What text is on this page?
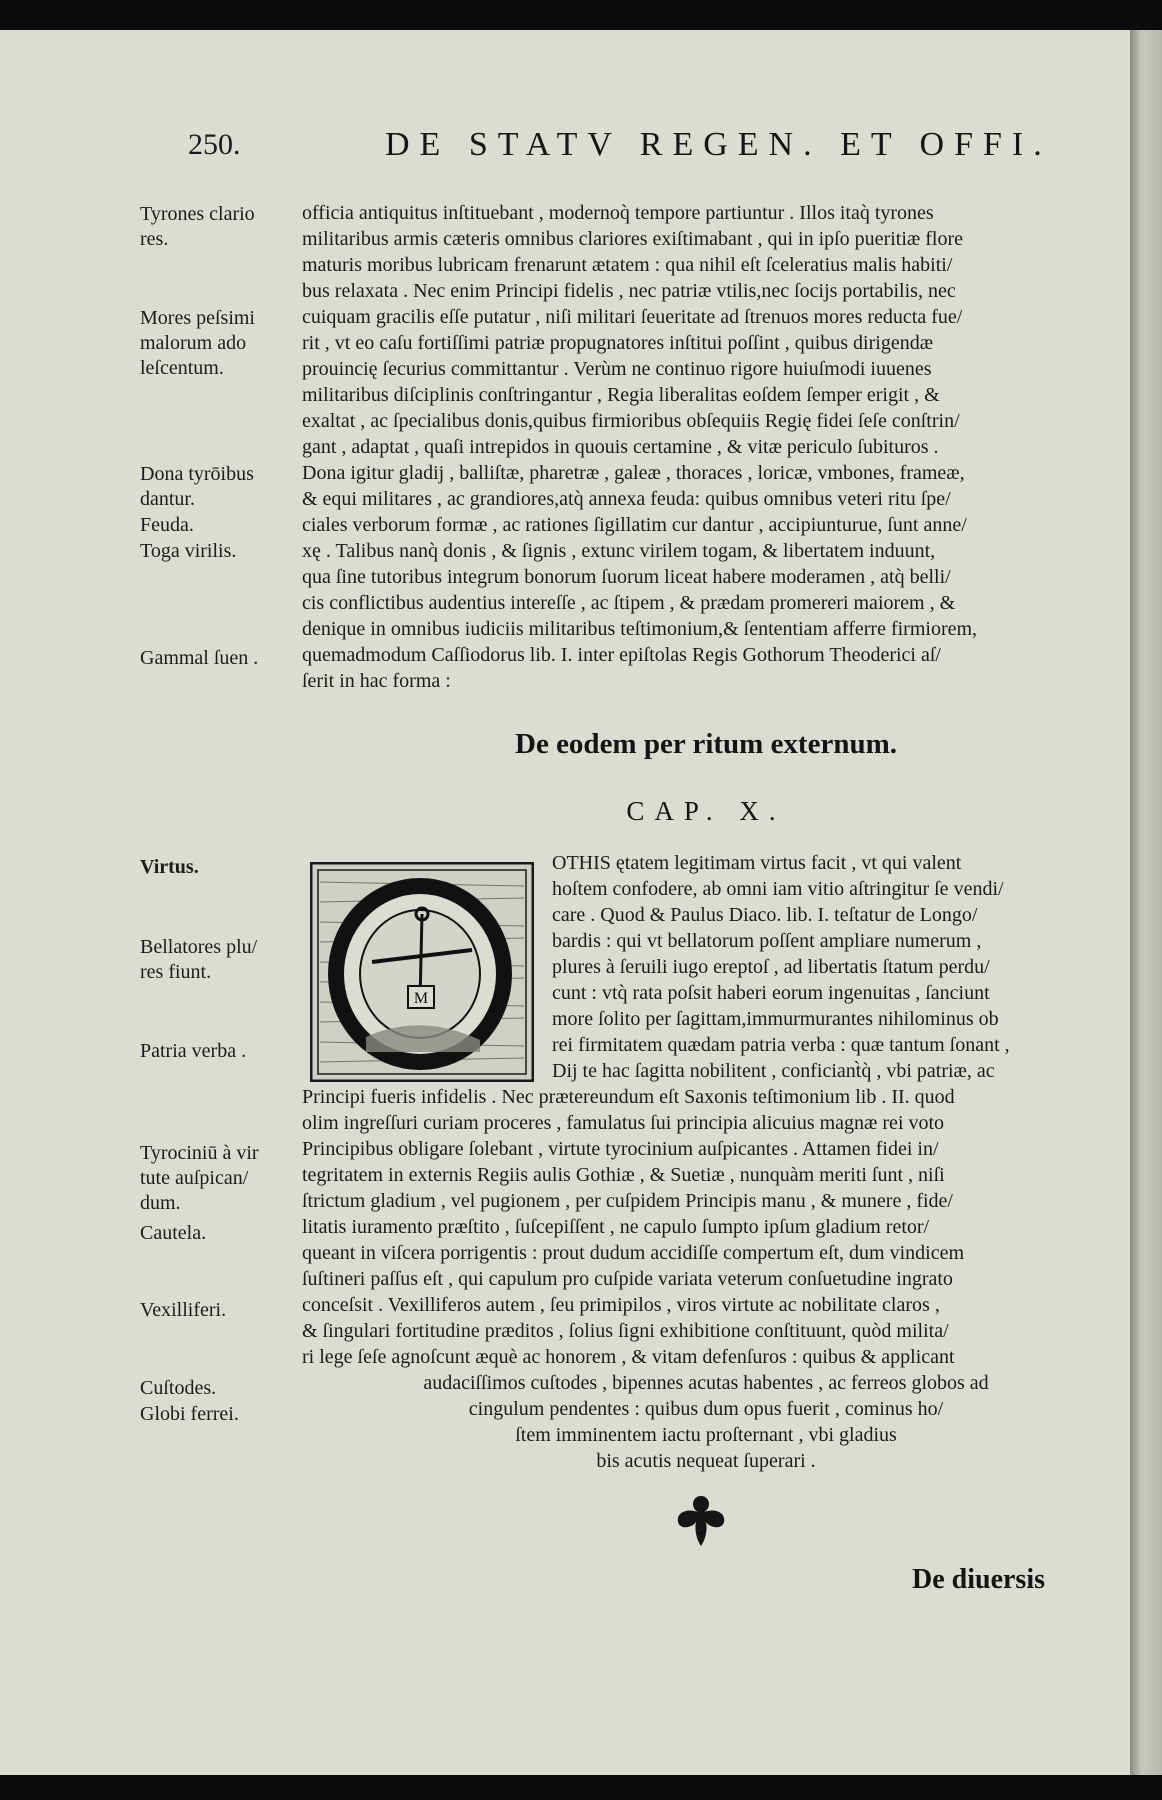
250.	DE STATV REGEN. ET OFFI.
Tyrones clario
res.
Mores peſsimi
malorum ado
leſcentum.
Dona tyrōibus
dantur.
Feuda.
Toga virilis.
Gammal ſuen .
Virtus.
Bellatores plu/
res fiunt.
Patria verba .
Tyrociniū à vir
tute auſpican/
dum.
Cautela.
Vexilliferi.
Cuſtodes.
Globi ferrei.
officia antiquitus inſtituebant , modernoq̀ tempore partiuntur . Illos itaq̀ tyrones
militaribus armis cæteris omnibus clariores exiſtimabant , qui in ipſo pueritiæ flore
maturis moribus lubricam frenarunt ætatem : qua nihil eſt ſceleratius malis habiti/
bus relaxata . Nec enim Principi fidelis , nec patriæ vtilis,nec ſocijs portabilis, nec
cuiquam gracilis eſſe putatur , niſi militari ſeueritate ad ſtrenuos mores reducta fue/
rit , vt eo caſu fortiſſimi patriæ propugnatores inſtitui poſſint , quibus dirigendæ
prouincię ſecurius committantur . Verùm ne continuo rigore huiuſmodi iuuenes
militaribus diſciplinis conſtringantur , Regia liberalitas eoſdem ſemper erigit , &
exaltat , ac ſpecialibus donis,quibus firmioribus obſequiis Regię fidei ſeſe conſtrin/
gant , adaptat , quaſi intrepidos in quouis certamine , & vitæ periculo ſubituros .
Dona igitur gladij , balliſtæ, pharetræ , galeæ , thoraces , loricæ, vmbones, frameæ,
& equi militares , ac grandiores,atq̀ annexa feuda: quibus omnibus veteri ritu ſpe/
ciales verborum formæ , ac rationes ſigillatim cur dantur , accipiunturue, ſunt anne/
xę . Talibus nanq̀ donis , & ſignis , extunc virilem togam, & libertatem induunt,
qua ſine tutoribus integrum bonorum ſuorum liceat habere moderamen , atq̀ belli/
cis conflictibus audentius intereſſe , ac ſtipem , & prædam promereri maiorem , &
denique in omnibus iudiciis militaribus teſtimonium,& ſententiam afferre firmiorem,
quemadmodum Caſſiodorus lib. I. inter epiſtolas Regis Gothorum Theoderici aſ/
ſerit in hac forma :
De eodem per ritum externum.
CAP. X.
M
OTHIS ętatem legitimam virtus facit , vt qui valent
hoſtem confodere, ab omni iam vitio aſtringitur ſe vendi/
care . Quod & Paulus Diaco. lib. I. teſtatur de Longo/
bardis : qui vt bellatorum poſſent ampliare numerum ,
plures à ſeruili iugo ereptoſ , ad libertatis ſtatum perdu/
cunt : vtq̀ rata poſsit haberi eorum ingenuitas , ſanciunt
more ſolito per ſagittam,immurmurantes nihilominus ob
rei firmitatem quædam patria verba : quæ tantum ſonant ,
Dij te hac ſagitta nobilitent , conficiant̀q̀ , vbi patriæ, ac
Principi fueris infidelis . Nec prætereundum eſt Saxonis teſtimonium lib . II. quod
olim ingreſſuri curiam proceres , famulatus ſui principia alicuius magnæ rei voto
Principibus obligare ſolebant , virtute tyrocinium auſpicantes . Attamen fidei in/
tegritatem in externis Regiis aulis Gothiæ , & Suetiæ , nunquàm meriti ſunt , niſi
ſtrictum gladium , vel pugionem , per cuſpidem Principis manu , & munere , fide/
litatis iuramento præſtito , ſuſcepiſſent , ne capulo ſumpto ipſum gladium retor/
queant in viſcera porrigentis : prout dudum accidiſſe compertum eſt, dum vindicem
ſuſtineri paſſus eſt , qui capulum pro cuſpide variata veterum conſuetudine ingrato
conceſsit . Vexilliferos autem , ſeu primipilos , viros virtute ac nobilitate claros ,
& ſingulari fortitudine præditos , ſolius ſigni exhibitione conſtituunt, quòd milita/
ri lege ſeſe agnoſcunt æquè ac honorem , & vitam defenſuros : quibus & applicant
audaciſſimos cuſtodes , bipennes acutas habentes , ac ferreos globos ad
cingulum pendentes : quibus dum opus fuerit , cominus ho/
ſtem imminentem iactu proſternant , vbi gladius
bis acutis nequeat ſuperari .
De diuersis
